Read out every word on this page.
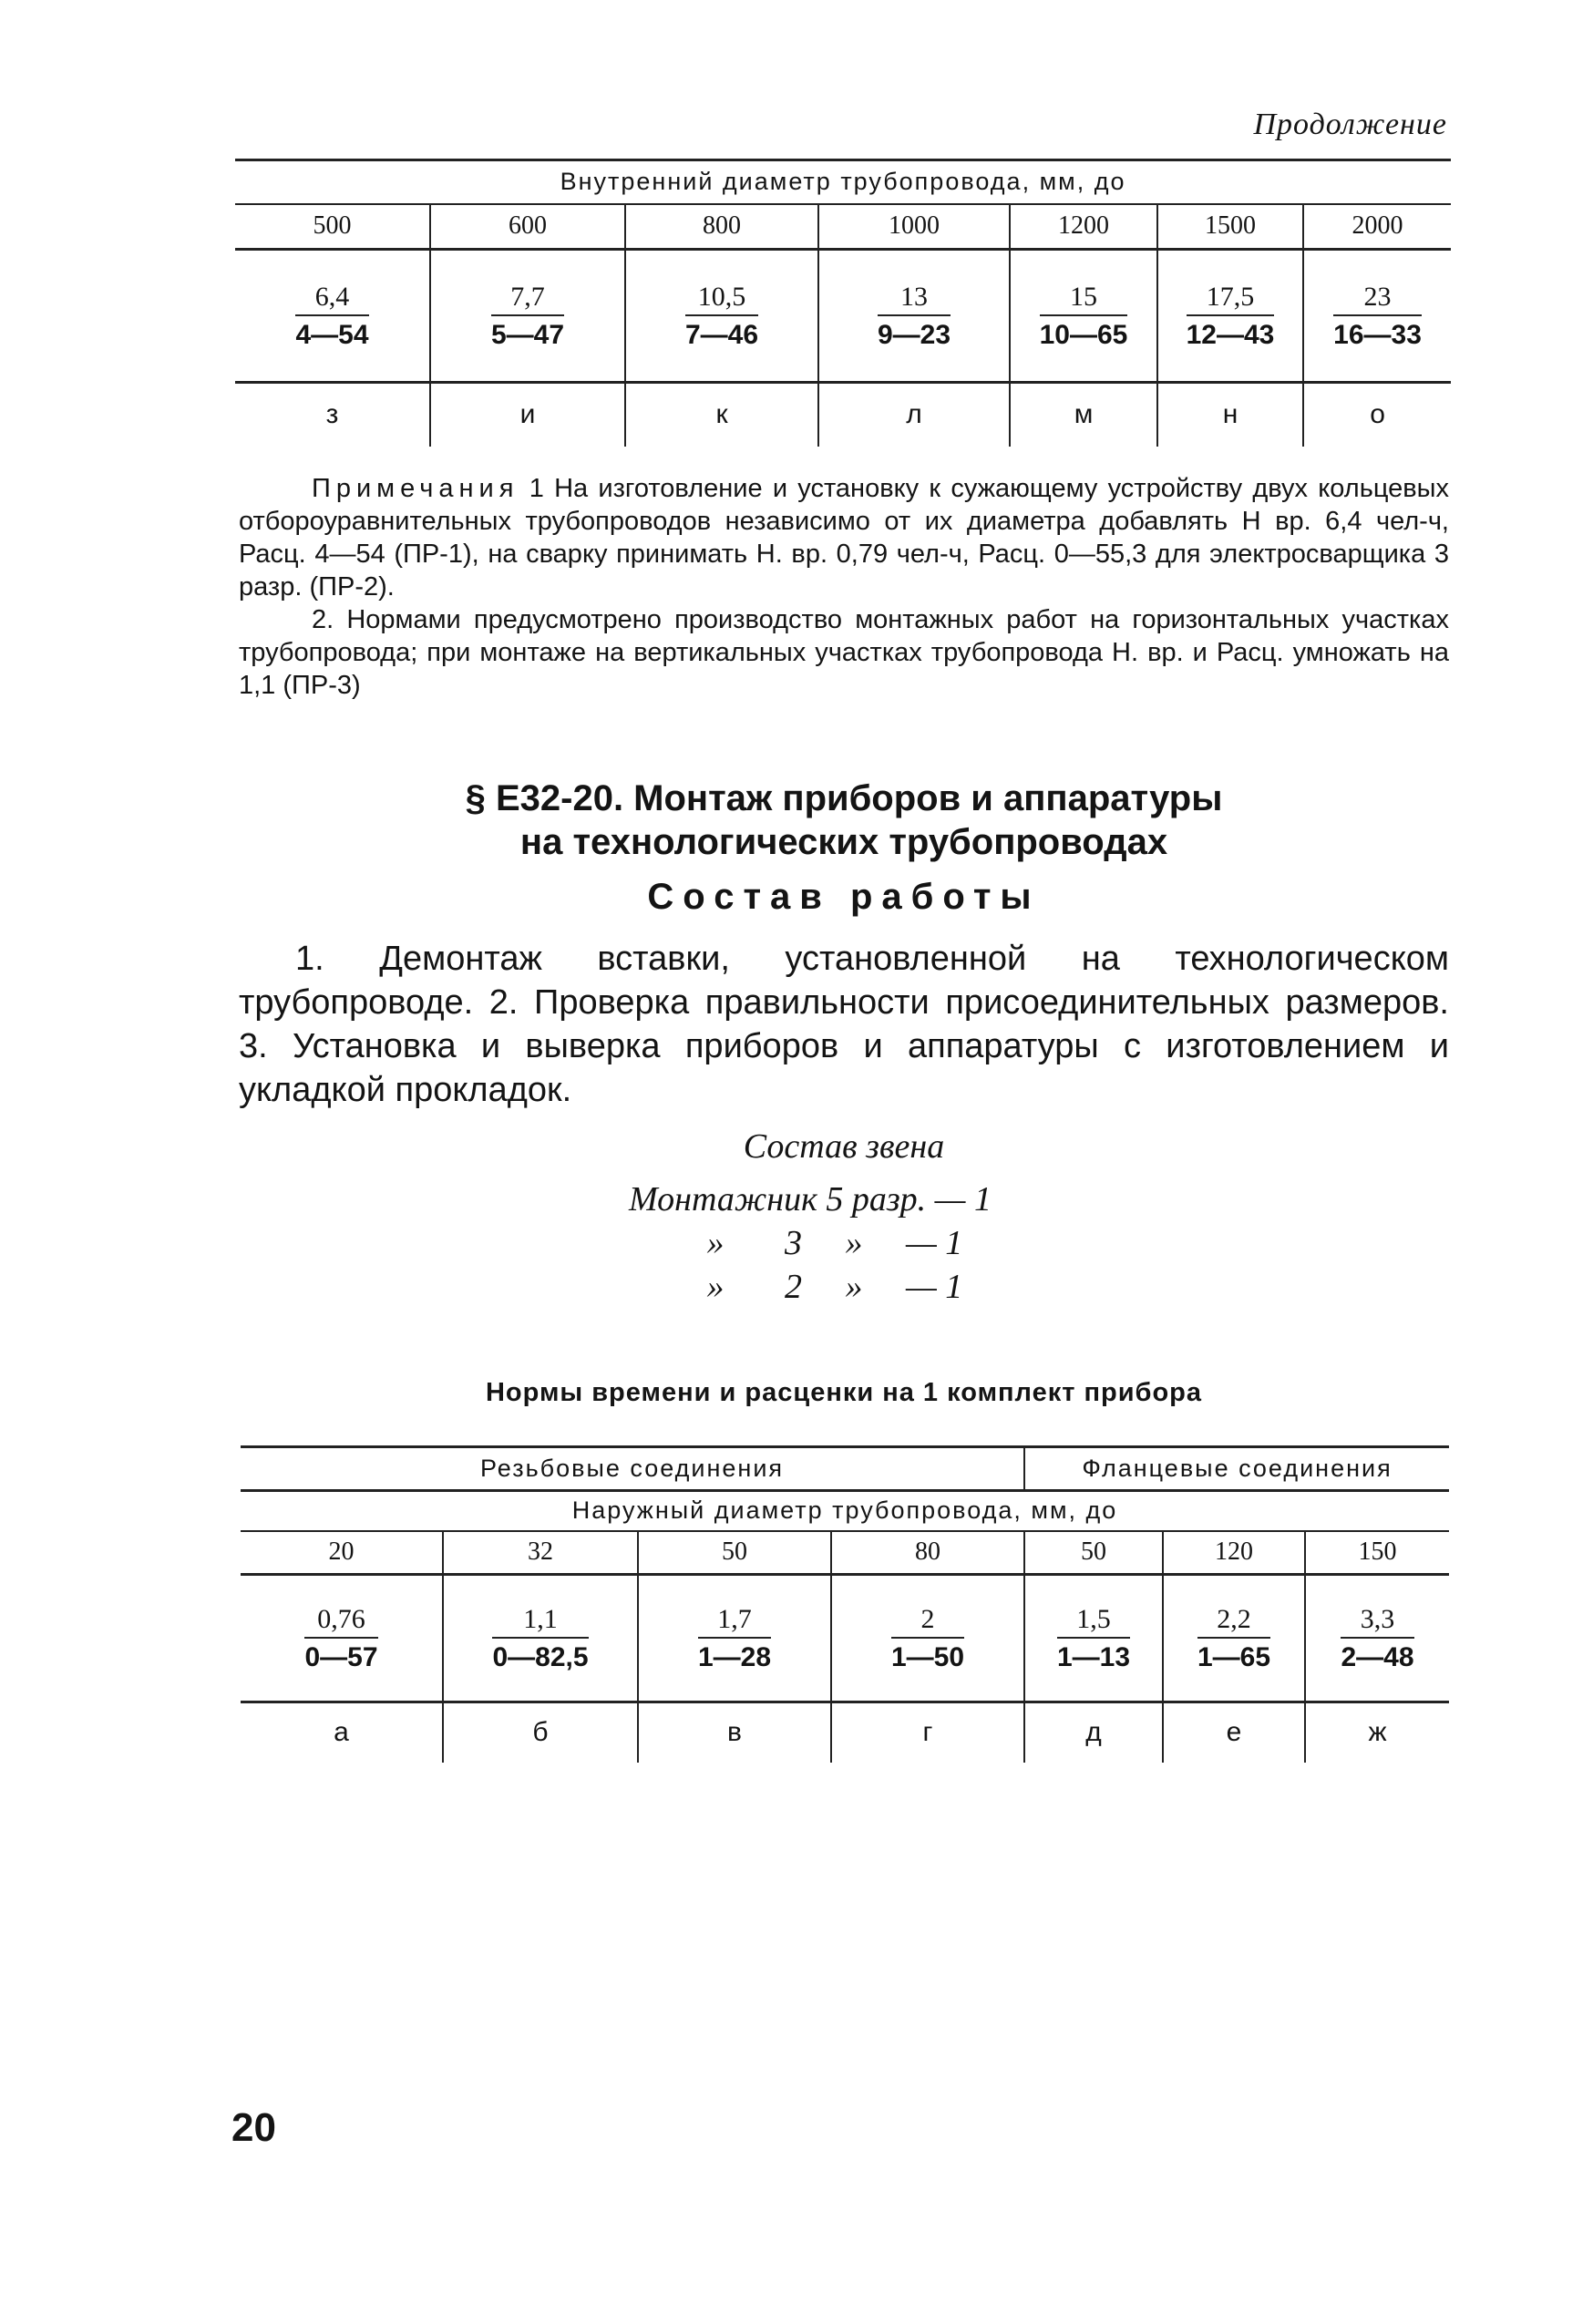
Продолжение
Внутренний диаметр трубопровода, мм, до						
500	600	800	1000	1200	1500	2000

$\frac{6,4}{4—54}$	$\frac{7,7}{5—47}$	$\frac{10,5}{7—46}$	$\frac{13}{9—23}$	$\frac{15}{10—65}$	$\frac{17,5}{12—43}$	$\frac{23}{16—33}$

з	и	к	л	м	н	о

Примечания 1 На изготовление и установку к сужающему устройству двух кольцевых отбороуравнительных трубопроводов независимо от их диаметра добавлять Н вр. 6,4 чел-ч, Расц. 4—54 (ПР-1), на сварку принимать Н. вр. 0,79 чел-ч, Расц. 0—55,3 для электросварщика 3 разр. (ПР-2).

2. Нормами предусмотрено производство монтажных работ на горизонтальных участках трубопровода; при монтаже на вертикальных участках трубопровода Н. вр. и Расц. умножать на 1,1 (ПР-3)

§ Е32-20. Монтаж приборов и аппаратуры
на технологических трубопроводах
Состав работы
1. Демонтаж вставки, установленной на технологическом трубопроводе. 2. Проверка правильности присоединительных размеров. 3. Установка и выверка приборов и аппаратуры с изготовлением и укладкой прокладок.
Состав звена
Монтажник 5 разр. — 1
»       3     »     — 1
»       2     »     — 1
Нормы времени и расценки на 1 комплект прибора
Резьбовые соединения				Фланцевые соединения		
Наружный диаметр трубопровода, мм, до						
20	32	50	80	50	120	150

$\frac{0,76}{0—57}$	$\frac{1,1}{0—82,5}$	$\frac{1,7}{1—28}$	$\frac{2}{1—50}$	$\frac{1,5}{1—13}$	$\frac{2,2}{1—65}$	$\frac{3,3}{2—48}$

а	б	в	г	д	е	ж
20
